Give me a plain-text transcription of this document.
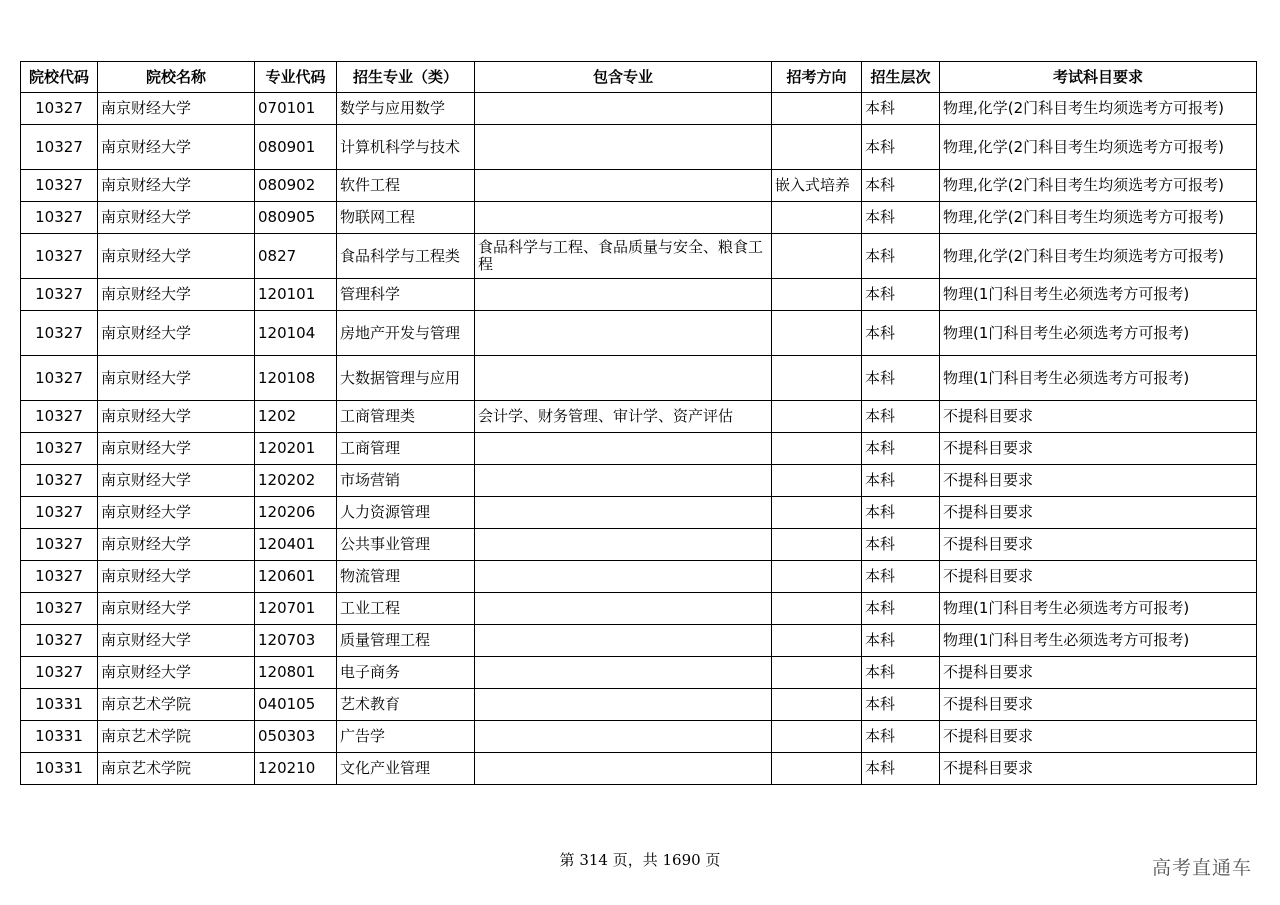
院校代码	院校名称	专业代码	招生专业（类）	包含专业	招考方向	招生层次	考试科目要求
10327	南京财经大学	070101	数学与应用数学			本科	物理,化学(2门科目考生均须选考方可报考)
10327	南京财经大学	080901	计算机科学与技术			本科	物理,化学(2门科目考生均须选考方可报考)
10327	南京财经大学	080902	软件工程		嵌入式培养	本科	物理,化学(2门科目考生均须选考方可报考)
10327	南京财经大学	080905	物联网工程			本科	物理,化学(2门科目考生均须选考方可报考)
10327	南京财经大学	0827	食品科学与工程类	食品科学与工程、食品质量与安全、粮食工程		本科	物理,化学(2门科目考生均须选考方可报考)
10327	南京财经大学	120101	管理科学			本科	物理(1门科目考生必须选考方可报考)
10327	南京财经大学	120104	房地产开发与管理			本科	物理(1门科目考生必须选考方可报考)
10327	南京财经大学	120108	大数据管理与应用			本科	物理(1门科目考生必须选考方可报考)
10327	南京财经大学	1202	工商管理类	会计学、财务管理、审计学、资产评估		本科	不提科目要求
10327	南京财经大学	120201	工商管理			本科	不提科目要求
10327	南京财经大学	120202	市场营销			本科	不提科目要求
10327	南京财经大学	120206	人力资源管理			本科	不提科目要求
10327	南京财经大学	120401	公共事业管理			本科	不提科目要求
10327	南京财经大学	120601	物流管理			本科	不提科目要求
10327	南京财经大学	120701	工业工程			本科	物理(1门科目考生必须选考方可报考)
10327	南京财经大学	120703	质量管理工程			本科	物理(1门科目考生必须选考方可报考)
10327	南京财经大学	120801	电子商务			本科	不提科目要求
10331	南京艺术学院	040105	艺术教育			本科	不提科目要求
10331	南京艺术学院	050303	广告学			本科	不提科目要求
10331	南京艺术学院	120210	文化产业管理			本科	不提科目要求
第 314 页，共 1690 页	高考直通车
